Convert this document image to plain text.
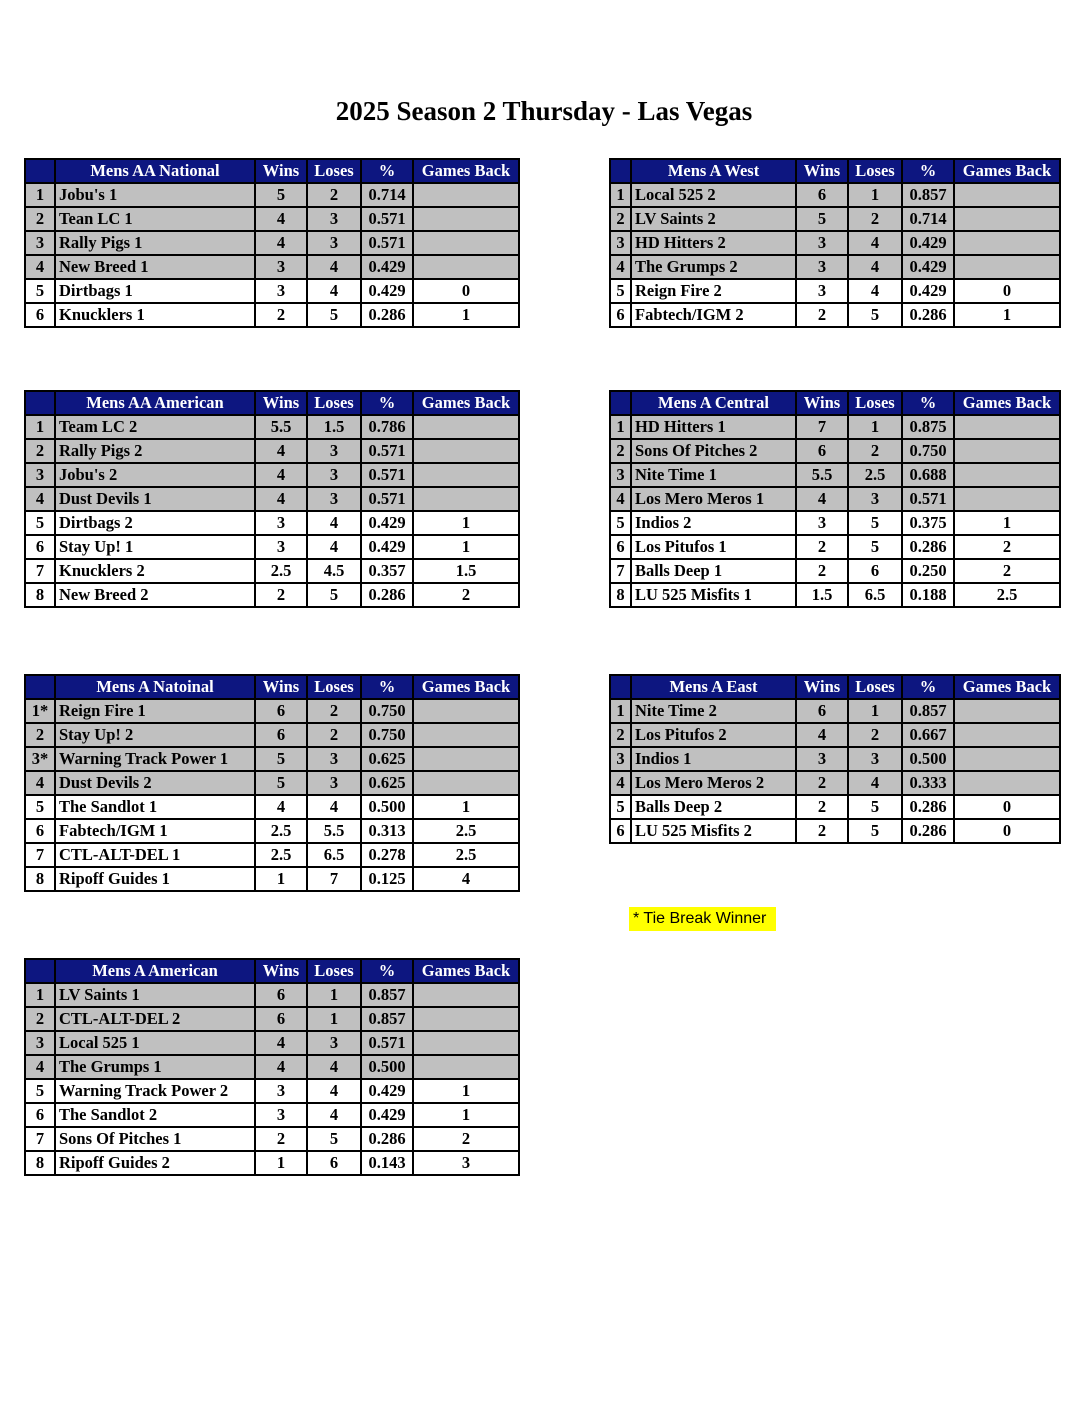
2025 Season 2 Thursday - Las Vegas
	Mens AA National	Wins	Loses	%	Games Back
1	Jobu's 1	5	2	0.714	
2	Tean LC 1	4	3	0.571	
3	Rally Pigs 1	4	3	0.571	
4	New Breed 1	3	4	0.429	
5	Dirtbags 1	3	4	0.429	0
6	Knucklers 1	2	5	0.286	1
	Mens A West	Wins	Loses	%	Games Back
1	Local 525 2	6	1	0.857	
2	LV Saints 2	5	2	0.714	
3	HD Hitters 2	3	4	0.429	
4	The Grumps 2	3	4	0.429	
5	Reign Fire 2	3	4	0.429	0
6	Fabtech/IGM 2	2	5	0.286	1
	Mens AA American	Wins	Loses	%	Games Back
1	Team LC 2	5.5	1.5	0.786	
2	Rally Pigs 2	4	3	0.571	
3	Jobu's 2	4	3	0.571	
4	Dust Devils 1	4	3	0.571	
5	Dirtbags 2	3	4	0.429	1
6	Stay Up! 1	3	4	0.429	1
7	Knucklers 2	2.5	4.5	0.357	1.5
8	New Breed 2	2	5	0.286	2
	Mens A Central	Wins	Loses	%	Games Back
1	HD Hitters 1	7	1	0.875	
2	Sons Of Pitches 2	6	2	0.750	
3	Nite Time 1	5.5	2.5	0.688	
4	Los Mero Meros 1	4	3	0.571	
5	Indios 2	3	5	0.375	1
6	Los Pitufos 1	2	5	0.286	2
7	Balls Deep 1	2	6	0.250	2
8	LU 525 Misfits 1	1.5	6.5	0.188	2.5
	Mens A Natoinal	Wins	Loses	%	Games Back
1*	Reign Fire 1	6	2	0.750	
2	Stay Up! 2	6	2	0.750	
3*	Warning Track Power 1	5	3	0.625	
4	Dust Devils 2	5	3	0.625	
5	The Sandlot 1	4	4	0.500	1
6	Fabtech/IGM 1	2.5	5.5	0.313	2.5
7	CTL-ALT-DEL 1	2.5	6.5	0.278	2.5
8	Ripoff Guides 1	1	7	0.125	4
	Mens A East	Wins	Loses	%	Games Back
1	Nite Time 2	6	1	0.857	
2	Los Pitufos 2	4	2	0.667	
3	Indios 1	3	3	0.500	
4	Los Mero Meros 2	2	4	0.333	
5	Balls Deep 2	2	5	0.286	0
6	LU 525 Misfits 2	2	5	0.286	0
	Mens A American	Wins	Loses	%	Games Back
1	LV Saints 1	6	1	0.857	
2	CTL-ALT-DEL 2	6	1	0.857	
3	Local 525 1	4	3	0.571	
4	The Grumps 1	4	4	0.500	
5	Warning Track Power 2	3	4	0.429	1
6	The Sandlot 2	3	4	0.429	1
7	Sons Of Pitches 1	2	5	0.286	2
8	Ripoff Guides 2	1	6	0.143	3
* Tie Break Winner
